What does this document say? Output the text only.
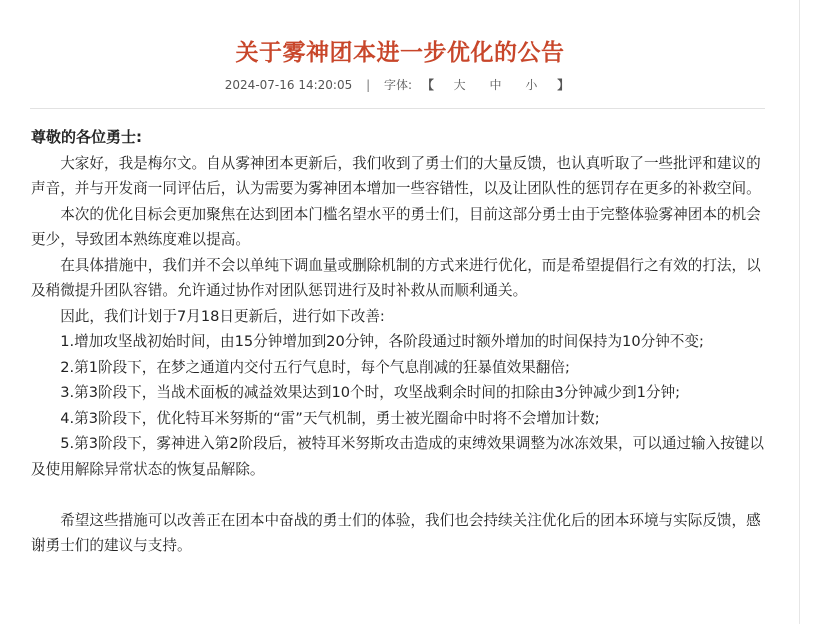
关于雾神团本进一步优化的公告
2024-07-16 14:20:05 | 字体: 【 大 中 小 】

尊敬的各位勇士:

大家好，我是梅尔文。自从雾神团本更新后，我们收到了勇士们的大量反馈，也认真听取了一些批评和建议的声音，并与开发商一同评估后，认为需要为雾神团本增加一些容错性，以及让团队性的惩罚存在更多的补救空间。

本次的优化目标会更加聚焦在达到团本门槛名望水平的勇士们，目前这部分勇士由于完整体验雾神团本的机会更少，导致团本熟练度难以提高。

在具体措施中，我们并不会以单纯下调血量或删除机制的方式来进行优化，而是希望提倡行之有效的打法，以及稍微提升团队容错。允许通过协作对团队惩罚进行及时补救从而顺利通关。

因此，我们计划于7月18日更新后，进行如下改善:

1.增加攻坚战初始时间，由15分钟增加到20分钟，各阶段通过时额外增加的时间保持为10分钟不变;

2.第1阶段下，在梦之通道内交付五行气息时，每个气息削减的狂暴值效果翻倍;

3.第3阶段下，当战术面板的减益效果达到10个时，攻坚战剩余时间的扣除由3分钟减少到1分钟;

4.第3阶段下，优化特耳米努斯的“雷”天气机制，勇士被光圈命中时将不会增加计数;

5.第3阶段下，雾神进入第2阶段后，被特耳米努斯攻击造成的束缚效果调整为冰冻效果，可以通过输入按键以及使用解除异常状态的恢复品解除。

希望这些措施可以改善正在团本中奋战的勇士们的体验，我们也会持续关注优化后的团本环境与实际反馈，感谢勇士们的建议与支持。
